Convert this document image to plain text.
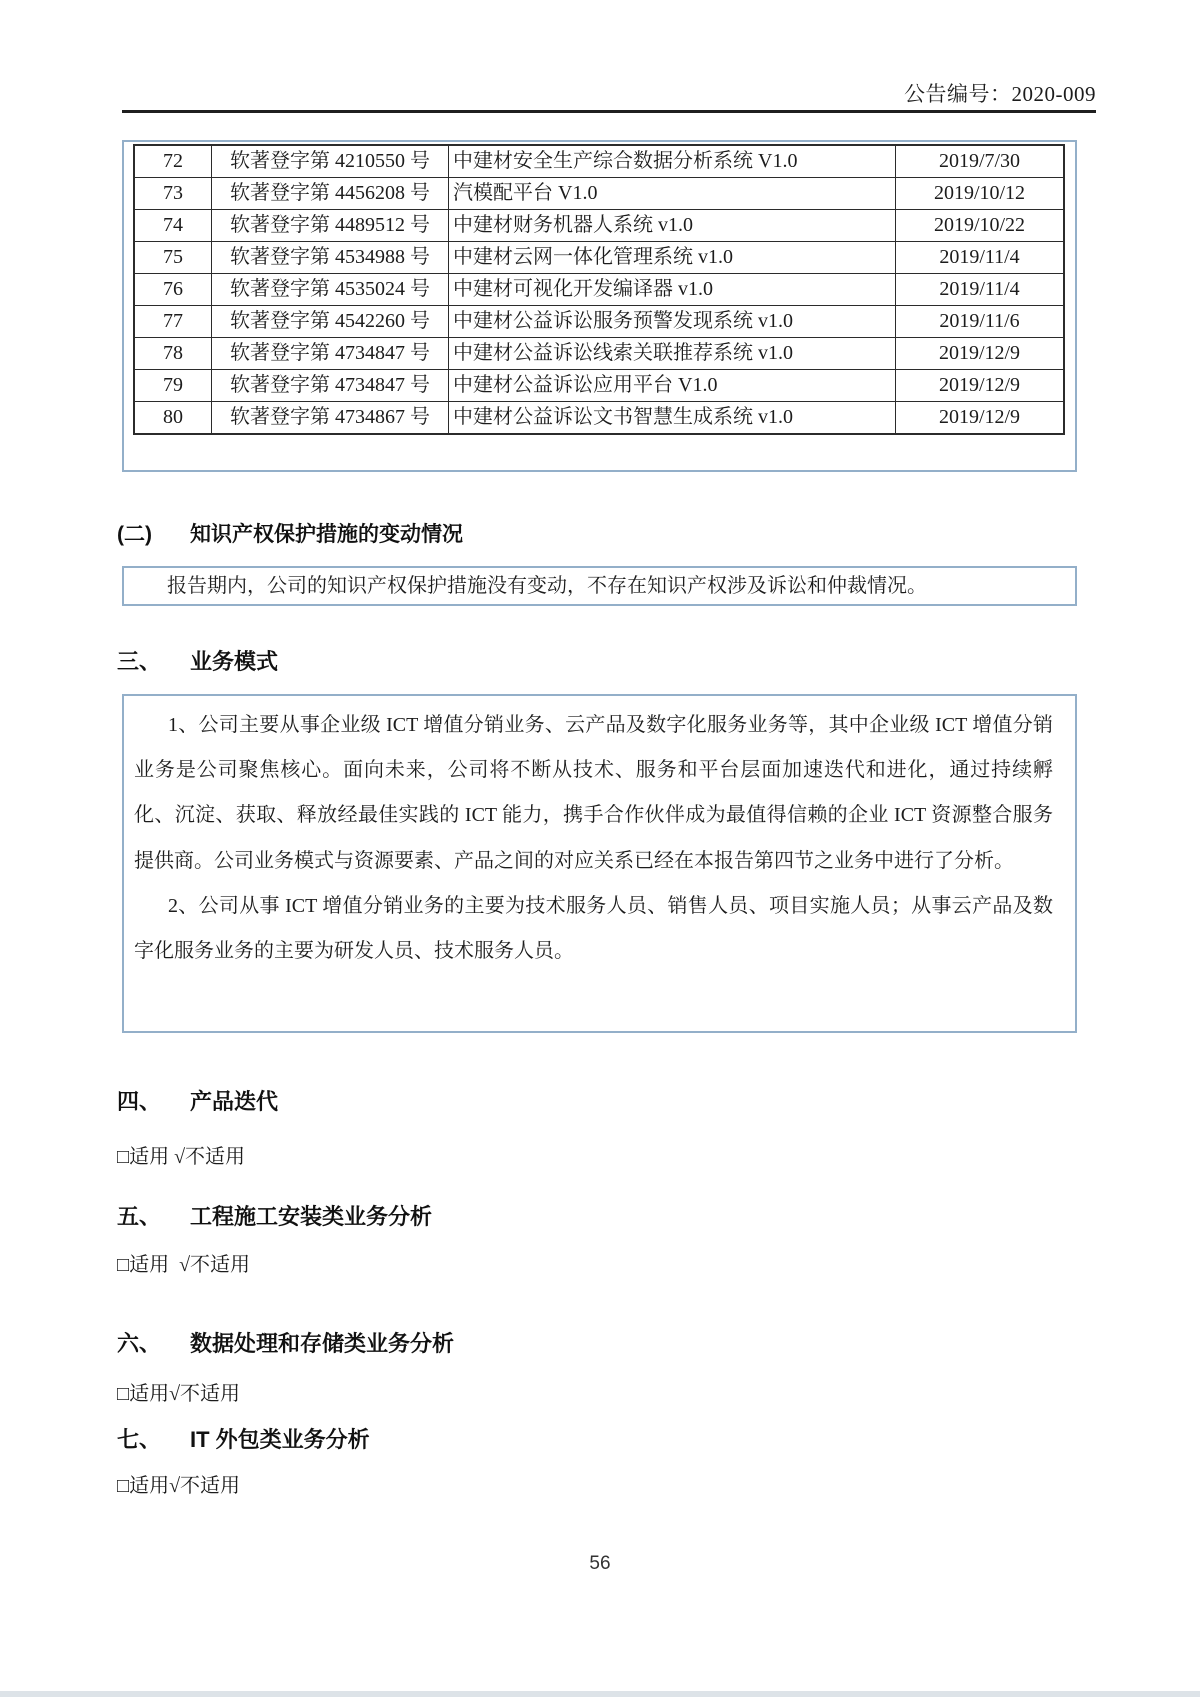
公告编号：2020-009
72	软著登字第 4210550 号	中建材安全生产综合数据分析系统 V1.0	2019/7/30
73	软著登字第 4456208 号	汽模配平台 V1.0	2019/10/12
74	软著登字第 4489512 号	中建材财务机器人系统 v1.0	2019/10/22
75	软著登字第 4534988 号	中建材云网一体化管理系统 v1.0	2019/11/4
76	软著登字第 4535024 号	中建材可视化开发编译器 v1.0	2019/11/4
77	软著登字第 4542260 号	中建材公益诉讼服务预警发现系统 v1.0	2019/11/6
78	软著登字第 4734847 号	中建材公益诉讼线索关联推荐系统 v1.0	2019/12/9
79	软著登字第 4734847 号	中建材公益诉讼应用平台 V1.0	2019/12/9
80	软著登字第 4734867 号	中建材公益诉讼文书智慧生成系统 v1.0	2019/12/9
(二)	知识产权保护措施的变动情况
报告期内，公司的知识产权保护措施没有变动，不存在知识产权涉及诉讼和仲裁情况。
三、	业务模式

1、公司主要从事企业级 ICT 增值分销业务、云产品及数字化服务业务等，其中企业级 ICT 增值分销业务是公司聚焦核心。面向未来，公司将不断从技术、服务和平台层面加速迭代和进化，通过持续孵化、沉淀、获取、释放经最佳实践的 ICT 能力，携手合作伙伴成为最值得信赖的企业 ICT 资源整合服务提供商。公司业务模式与资源要素、产品之间的对应关系已经在本报告第四节之业务中进行了分析。

2、公司从事 ICT 增值分销业务的主要为技术服务人员、销售人员、项目实施人员；从事云产品及数字化服务业务的主要为研发人员、技术服务人员。

四、	产品迭代
□适用 √不适用
五、	工程施工安装类业务分析
□适用  √不适用
六、	数据处理和存储类业务分析
□适用√不适用
七、	IT 外包类业务分析
□适用√不适用
56
